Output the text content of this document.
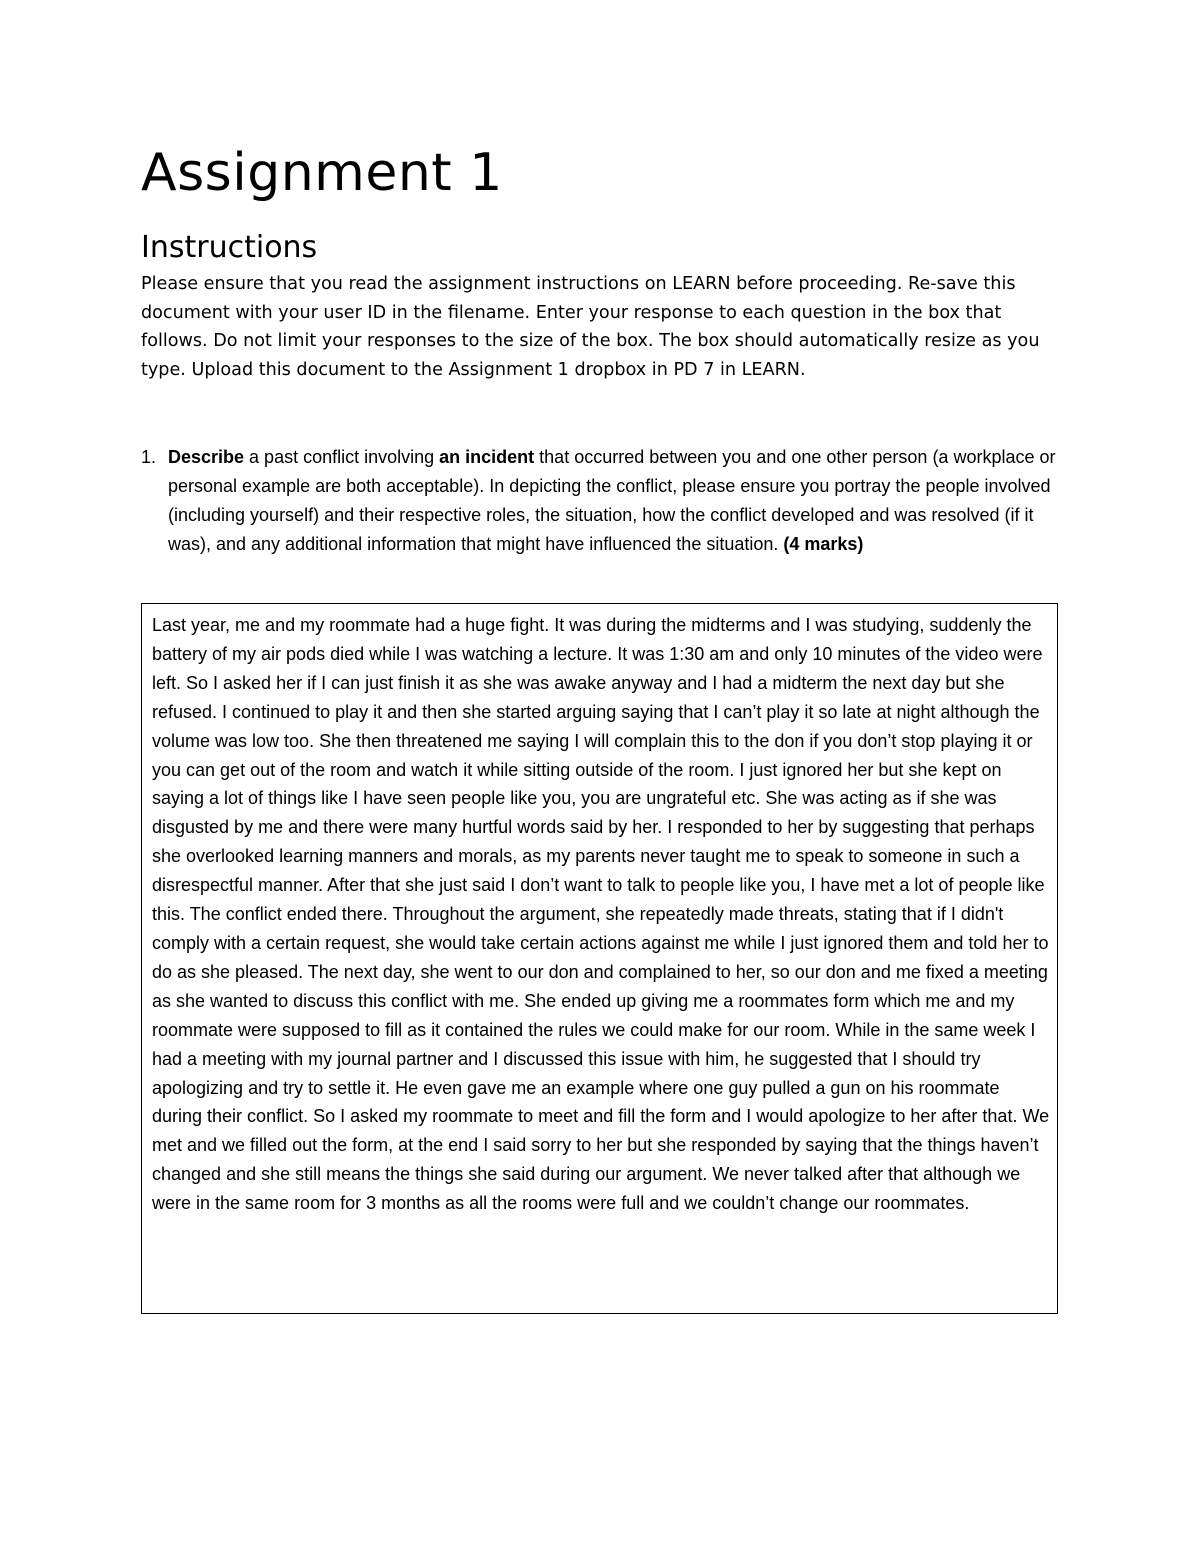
Assignment 1
Instructions

Please ensure that you read the assignment instructions on LEARN before proceeding. Re-save this document with your user ID in the filename. Enter your response to each question in the box that follows. Do not limit your responses to the size of the box. The box should automatically resize as you type. Upload this document to the Assignment 1 dropbox in PD 7 in LEARN.

1. Describe a past conflict involving an incident that occurred between you and one other person (a workplace or personal example are both acceptable). In depicting the conflict, please ensure you portray the people involved (including yourself) and their respective roles, the situation, how the conflict developed and was resolved (if it was), and any additional information that might have influenced the situation. (4 marks)

Last year, me and my roommate had a huge fight. It was during the midterms and I was studying, suddenly the battery of my air pods died while I was watching a lecture. It was 1:30 am and only 10 minutes of the video were left. So I asked her if I can just finish it as she was awake anyway and I had a midterm the next day but she refused. I continued to play it and then she started arguing saying that I can’t play it so late at night although the volume was low too. She then threatened me saying I will complain this to the don if you don’t stop playing it or you can get out of the room and watch it while sitting outside of the room. I just ignored her but she kept on saying a lot of things like I have seen people like you, you are ungrateful etc. She was acting as if she was disgusted by me and there were many hurtful words said by her. I responded to her by suggesting that perhaps she overlooked learning manners and morals, as my parents never taught me to speak to someone in such a disrespectful manner. After that she just said I don’t want to talk to people like you, I have met a lot of people like this. The conflict ended there. Throughout the argument, she repeatedly made threats, stating that if I didn't comply with a certain request, she would take certain actions against me while I just ignored them and told her to do as she pleased. The next day, she went to our don and complained to her, so our don and me fixed a meeting as she wanted to discuss this conflict with me. She ended up giving me a roommates form which me and my roommate were supposed to fill as it contained the rules we could make for our room. While in the same week I had a meeting with my journal partner and I discussed this issue with him, he suggested that I should try apologizing and try to settle it. He even gave me an example where one guy pulled a gun on his roommate during their conflict. So I asked my roommate to meet and fill the form and I would apologize to her after that. We met and we filled out the form, at the end I said sorry to her but she responded by saying that the things haven’t changed and she still means the things she said during our argument. We never talked after that although we were in the same room for 3 months as all the rooms were full and we couldn’t change our roommates.
